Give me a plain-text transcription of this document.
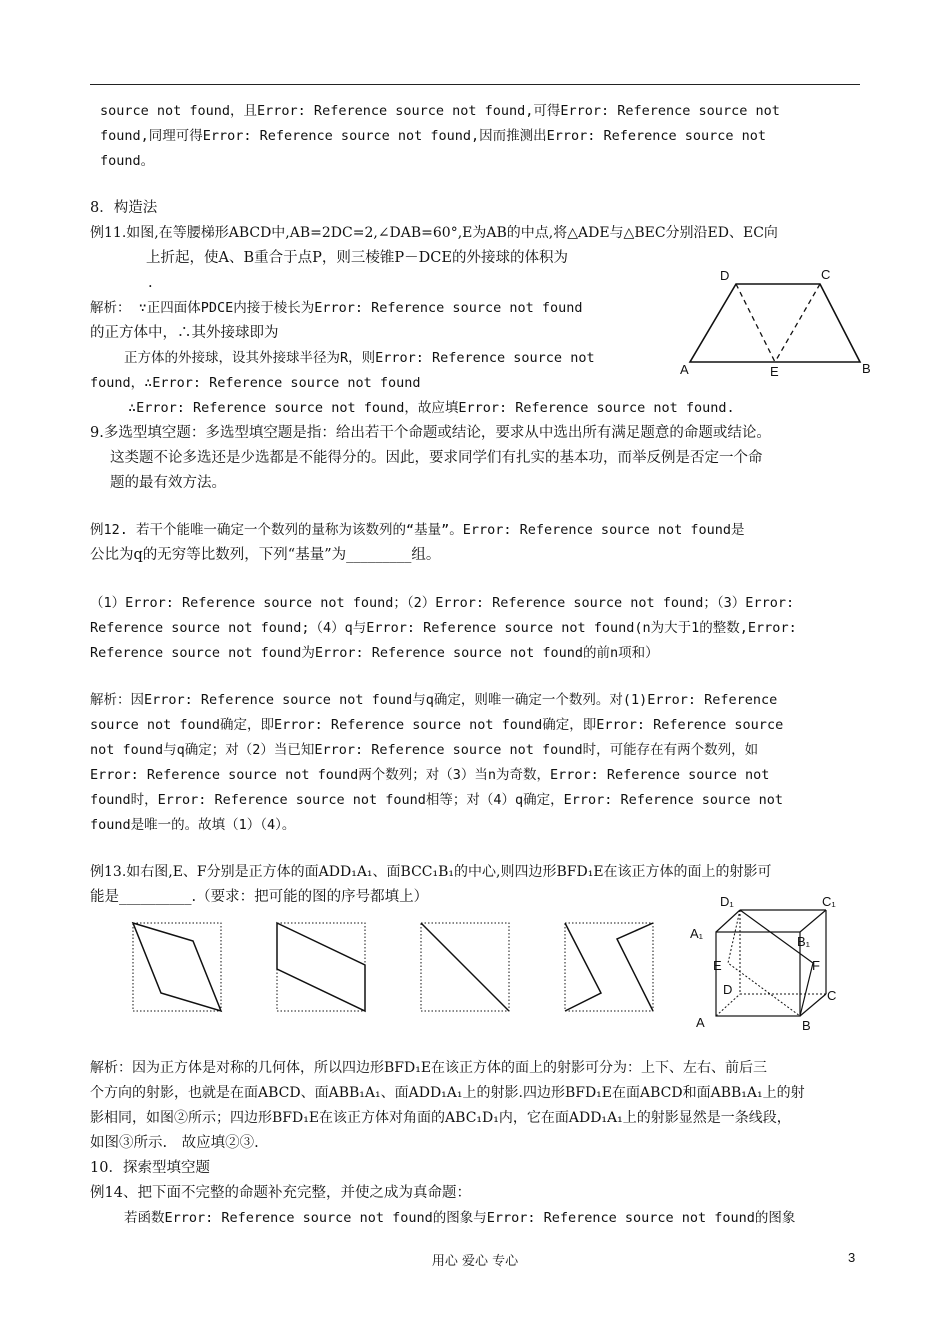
source not found，且Error: Reference source not found,可得Error: Reference source not
found,同理可得Error: Reference source not found,因而推测出Error: Reference source not
found。
8．构造法
例11.如图,在等腰梯形ABCD中,AB=2DC=2,∠DAB=60°,E为AB的中点,将△ADE与△BEC分别沿ED、EC向
上折起，使A、B重合于点P，则三棱锥P－DCE的外接球的体积为
.
解析： ∵正四面体PDCE内接于棱长为Error: Reference source not found
的正方体中，∴其外接球即为
正方体的外接球，设其外接球半径为R，则Error: Reference source not
found，∴Error: Reference source not found
∴Error: Reference source not found，故应填Error: Reference source not found.
9.多选型填空题：多选型填空题是指：给出若干个命题或结论，要求从中选出所有满足题意的命题或结论。
这类题不论多选还是少选都是不能得分的。因此，要求同学们有扎实的基本功，而举反例是否定一个命
题的最有效方法。
例12. 若干个能唯一确定一个数列的量称为该数列的“基量”。Error: Reference source not found是
公比为q的无穷等比数列，下列“基量”为_________组。
（1）Error: Reference source not found；（2）Error: Reference source not found；（3）Error:
Reference source not found;（4）q与Error: Reference source not found(n为大于1的整数,Error:
Reference source not found为Error: Reference source not found的前n项和）
解析：因Error: Reference source not found与q确定，则唯一确定一个数列。对(1)Error: Reference
source not found确定，即Error: Reference source not found确定，即Error: Reference source
not found与q确定；对（2）当已知Error: Reference source not found时，可能存在有两个数列，如
Error: Reference source not found两个数列；对（3）当n为奇数，Error: Reference source not
found时，Error: Reference source not found相等；对（4）q确定，Error: Reference source not
found是唯一的。故填（1）（4）。
例13.如右图,E、F分别是正方体的面ADD₁A₁、面BCC₁B₁的中心,则四边形BFD₁E在该正方体的面上的射影可
能是__________.（要求：把可能的图的序号都填上）
解析：因为正方体是对称的几何体，所以四边形BFD₁E在该正方体的面上的射影可分为：上下、左右、前后三
个方向的射影，也就是在面ABCD、面ABB₁A₁、面ADD₁A₁上的射影.四边形BFD₁E在面ABCD和面ABB₁A₁上的射
影相同，如图②所示；四边形BFD₁E在该正方体对角面的ABC₁D₁内，它在面ADD₁A₁上的射影显然是一条线段，
如图③所示.　故应填②③.
10．探索型填空题
例14、把下面不完整的命题补充完整，并使之成为真命题：
若函数Error: Reference source not found的图象与Error: Reference source not found的图象
D	C
A	E	B
D₁	C₁
A₁
B₁
E	F
D	C
A	B
用心 爱心 专心	3
